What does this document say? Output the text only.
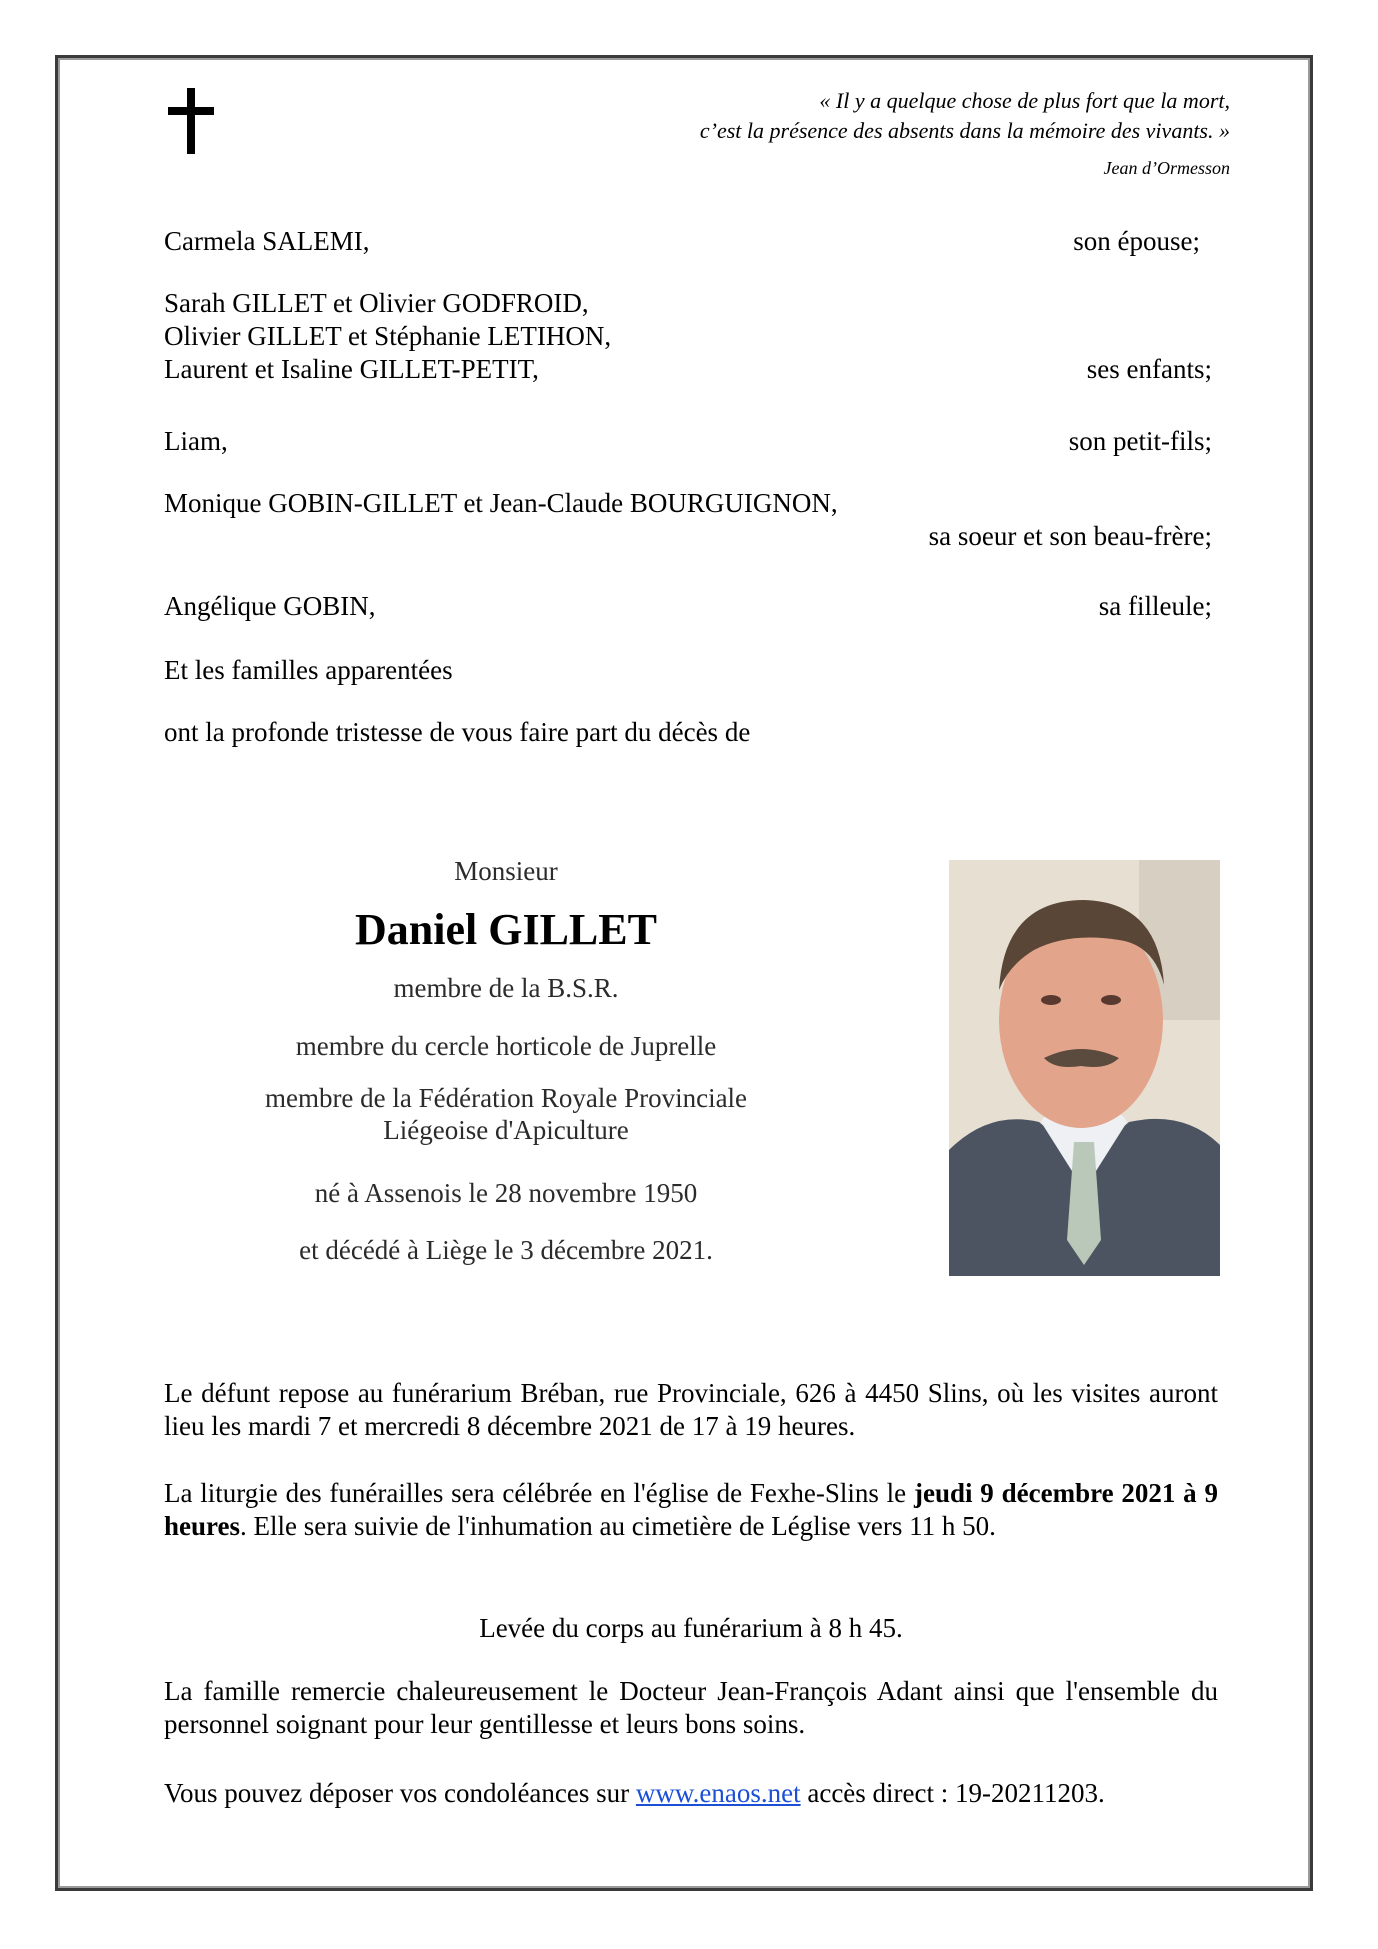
« Il y a quelque chose de plus fort que la mort,
c’est la présence des absents dans la mémoire des vivants. »
Jean d’Ormesson
Carmela SALEMI,	son épouse;
Sarah GILLET et Olivier GODFROID,
Olivier GILLET et Stéphanie LETIHON,
Laurent et Isaline GILLET-PETIT,	ses enfants;
Liam,	son petit-fils;
Monique GOBIN-GILLET et Jean-Claude BOURGUIGNON,
sa soeur et son beau-frère;
Angélique GOBIN,	sa filleule;
Et les familles apparentées
ont la profonde tristesse de vous faire part du décès de
Monsieur
Daniel GILLET
membre de la B.S.R.
membre du cercle horticole de Juprelle
membre de la Fédération Royale Provinciale
Liégeoise d'Apiculture
né à Assenois le 28 novembre 1950
et décédé à Liège le 3 décembre 2021.
Le défunt repose au funérarium Bréban, rue Provinciale, 626 à 4450 Slins, où les visites auront lieu les mardi 7 et mercredi 8 décembre 2021 de 17 à 19 heures.
La liturgie des funérailles sera célébrée en l'église de Fexhe-Slins le jeudi 9 décembre 2021 à 9 heures. Elle sera suivie de l'inhumation au cimetière de Léglise vers 11 h 50.
Levée du corps au funérarium à 8 h 45.
La famille remercie chaleureusement le Docteur Jean-François Adant ainsi que l'ensemble du personnel soignant pour leur gentillesse et leurs bons soins.
Vous pouvez déposer vos condoléances sur www.enaos.net accès direct : 19-20211203.
